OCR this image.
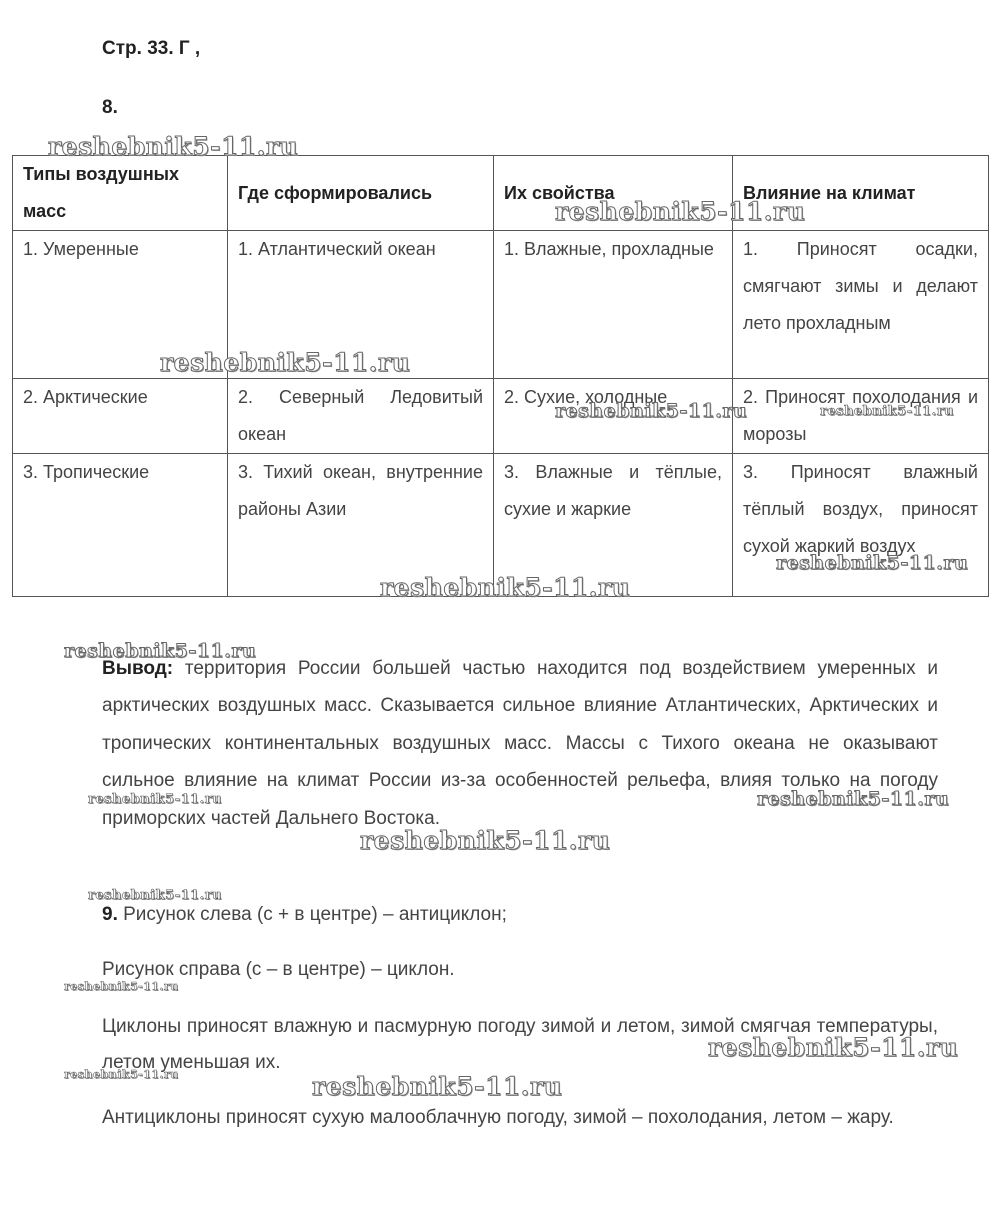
Стр. 33. Г ,
8.
Типы воздушных масс	Где сформировались	Их свойства	Влияние на климат

1. Умеренные	1. Атлантический океан	1. Влажные, прохладные	1. Приносят осадки, смягчают зимы и делают лето прохладным

2. Арктические	2. Северный Ледовитый океан	2. Сухие, холодные	2. Приносят похолодания и морозы

3. Тропические	3. Тихий океан, внутренние районы Азии	3. Влажные и тёплые, сухие и жаркие	3. Приносят влажный тёплый воздух, приносят сухой жаркий воздух
Вывод: территория России большей частью находится под воздействием умеренных и арктических воздушных масс. Сказывается сильное влияние Атлантических, Арктических и тропических континентальных воздушных масс. Массы с Тихого океана не оказывают сильное влияние на климат России из-за особенностей рельефа, влияя только на погоду приморских частей Дальнего Востока.
9. Рисунок слева (с + в центре) – антициклон;
Рисунок справа (с – в центре) – циклон.
Циклоны приносят влажную и пасмурную погоду зимой и летом, зимой смягчая температуры, летом уменьшая их.
Антициклоны приносят сухую малооблачную погоду, зимой – похолодания, летом – жару.
reshebnik5-11.ru
reshebnik5-11.ru
reshebnik5-11.ru
reshebnik5-11.ru	reshebnik5-11.ru
reshebnik5-11.ru
reshebnik5-11.ru
reshebnik5-11.ru
reshebnik5-11.ru	reshebnik5-11.ru
reshebnik5-11.ru
reshebnik5-11.ru
reshebnik5-11.ru
reshebnik5-11.ru
reshebnik5-11.ru	reshebnik5-11.ru
